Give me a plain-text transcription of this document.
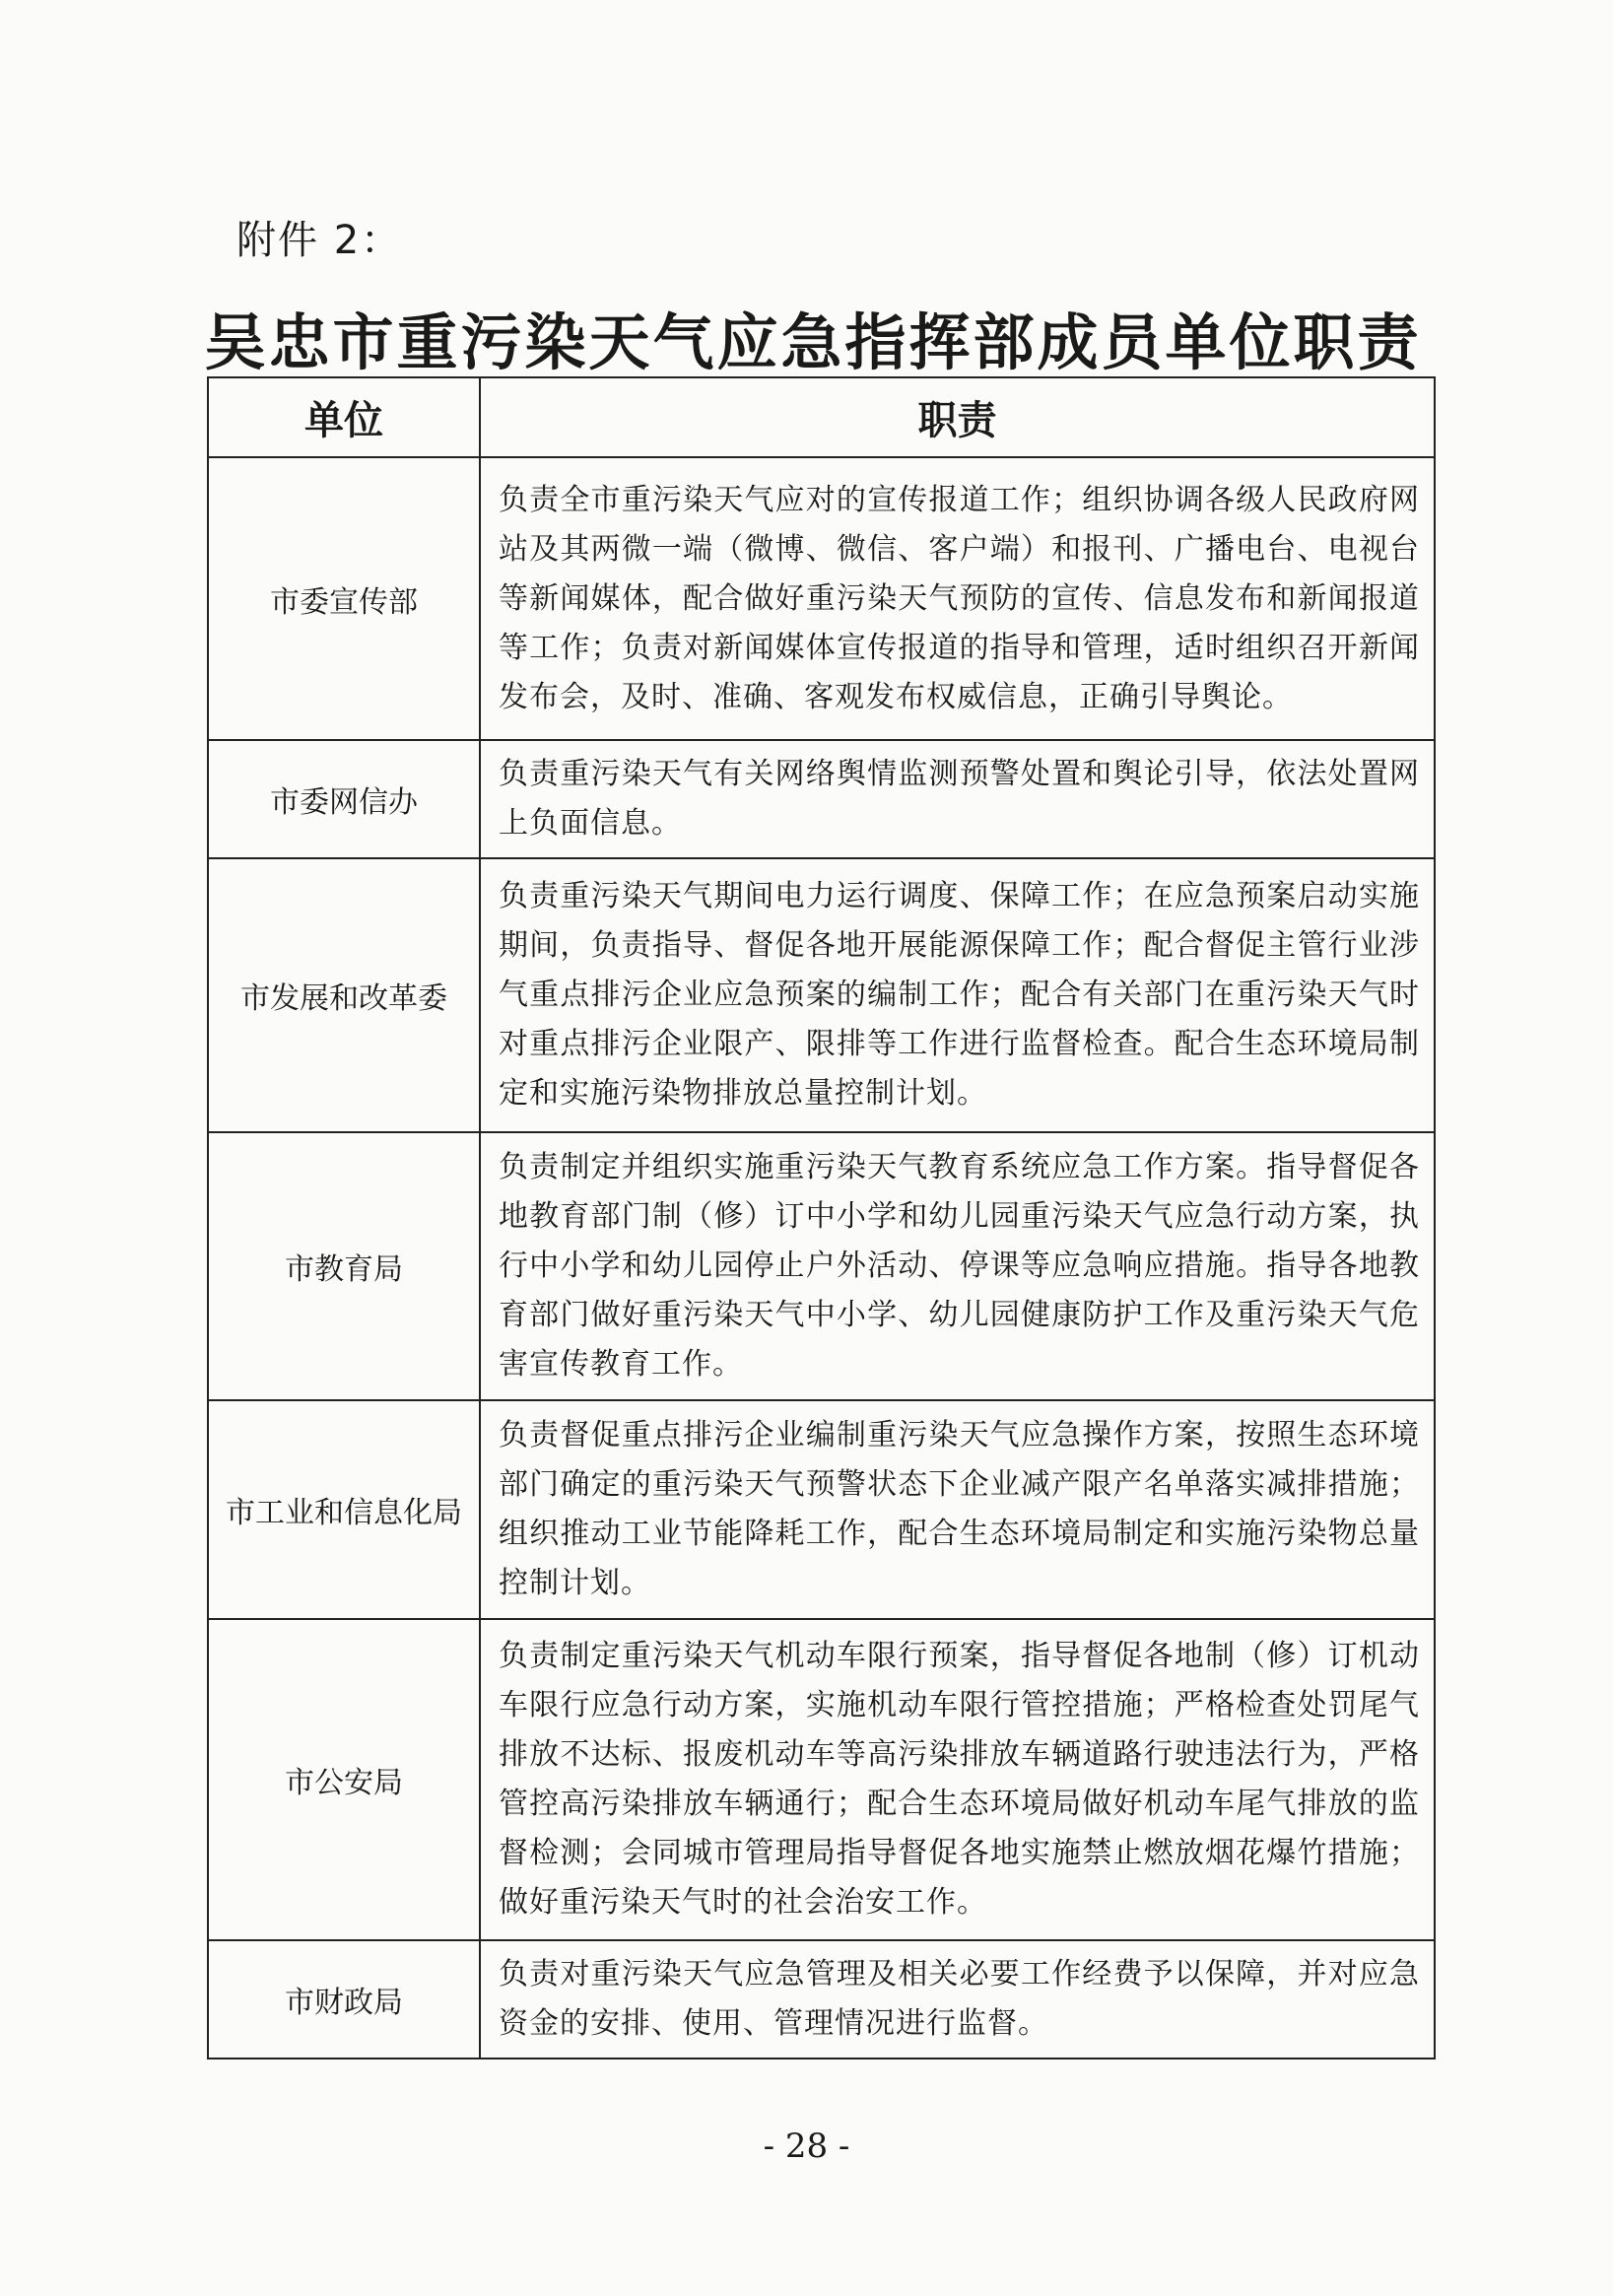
附件 2：
吴忠市重污染天气应急指挥部成员单位职责
单位	职责
市委宣传部	负责全市重污染天气应对的宣传报道工作；组织协调各级人民政府网站及其两微一端（微博、微信、客户端）和报刊、广播电台、电视台等新闻媒体，配合做好重污染天气预防的宣传、信息发布和新闻报道等工作；负责对新闻媒体宣传报道的指导和管理，适时组织召开新闻发布会，及时、准确、客观发布权威信息，正确引导舆论。
市委网信办	负责重污染天气有关网络舆情监测预警处置和舆论引导，依法处置网上负面信息。
市发展和改革委	负责重污染天气期间电力运行调度、保障工作；在应急预案启动实施期间，负责指导、督促各地开展能源保障工作；配合督促主管行业涉气重点排污企业应急预案的编制工作；配合有关部门在重污染天气时对重点排污企业限产、限排等工作进行监督检查。配合生态环境局制定和实施污染物排放总量控制计划。
市教育局	负责制定并组织实施重污染天气教育系统应急工作方案。指导督促各地教育部门制（修）订中小学和幼儿园重污染天气应急行动方案，执行中小学和幼儿园停止户外活动、停课等应急响应措施。指导各地教育部门做好重污染天气中小学、幼儿园健康防护工作及重污染天气危害宣传教育工作。
市工业和信息化局	负责督促重点排污企业编制重污染天气应急操作方案，按照生态环境部门确定的重污染天气预警状态下企业减产限产名单落实减排措施；组织推动工业节能降耗工作，配合生态环境局制定和实施污染物总量控制计划。
市公安局	负责制定重污染天气机动车限行预案，指导督促各地制（修）订机动车限行应急行动方案，实施机动车限行管控措施；严格检查处罚尾气排放不达标、报废机动车等高污染排放车辆道路行驶违法行为，严格管控高污染排放车辆通行；配合生态环境局做好机动车尾气排放的监督检测；会同城市管理局指导督促各地实施禁止燃放烟花爆竹措施；做好重污染天气时的社会治安工作。
市财政局	负责对重污染天气应急管理及相关必要工作经费予以保障，并对应急资金的安排、使用、管理情况进行监督。
- 28 -
